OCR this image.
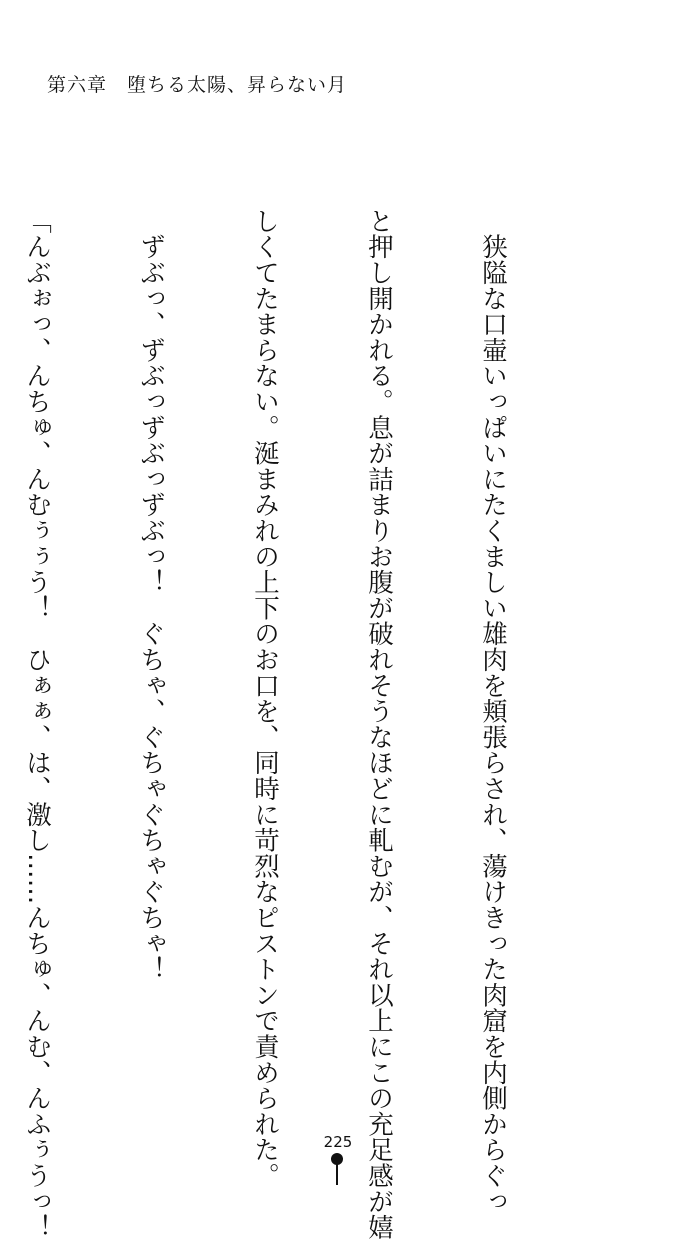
第六章　堕ちる太陽、昇らない月

　狭隘な口壷いっぱいにたくましい雄肉を頬張らされ、蕩けきった肉窟を内側からぐっ

と押し開かれる。息が詰まりお腹が破れそうなほどに軋むが、それ以上にこの充足感が嬉

しくてたまらない。涎まみれの上下のお口を、同時に苛烈なピストンで責められた。

　ずぶっ、ずぶっずぶっずぶっ！　ぐちゃ、ぐちゃぐちゃぐちゃ！

「んぶぉっ、んちゅ、んむぅぅう！　ひぁぁ、は、激し……んちゅ、んむ、んふぅうっ！

	225
